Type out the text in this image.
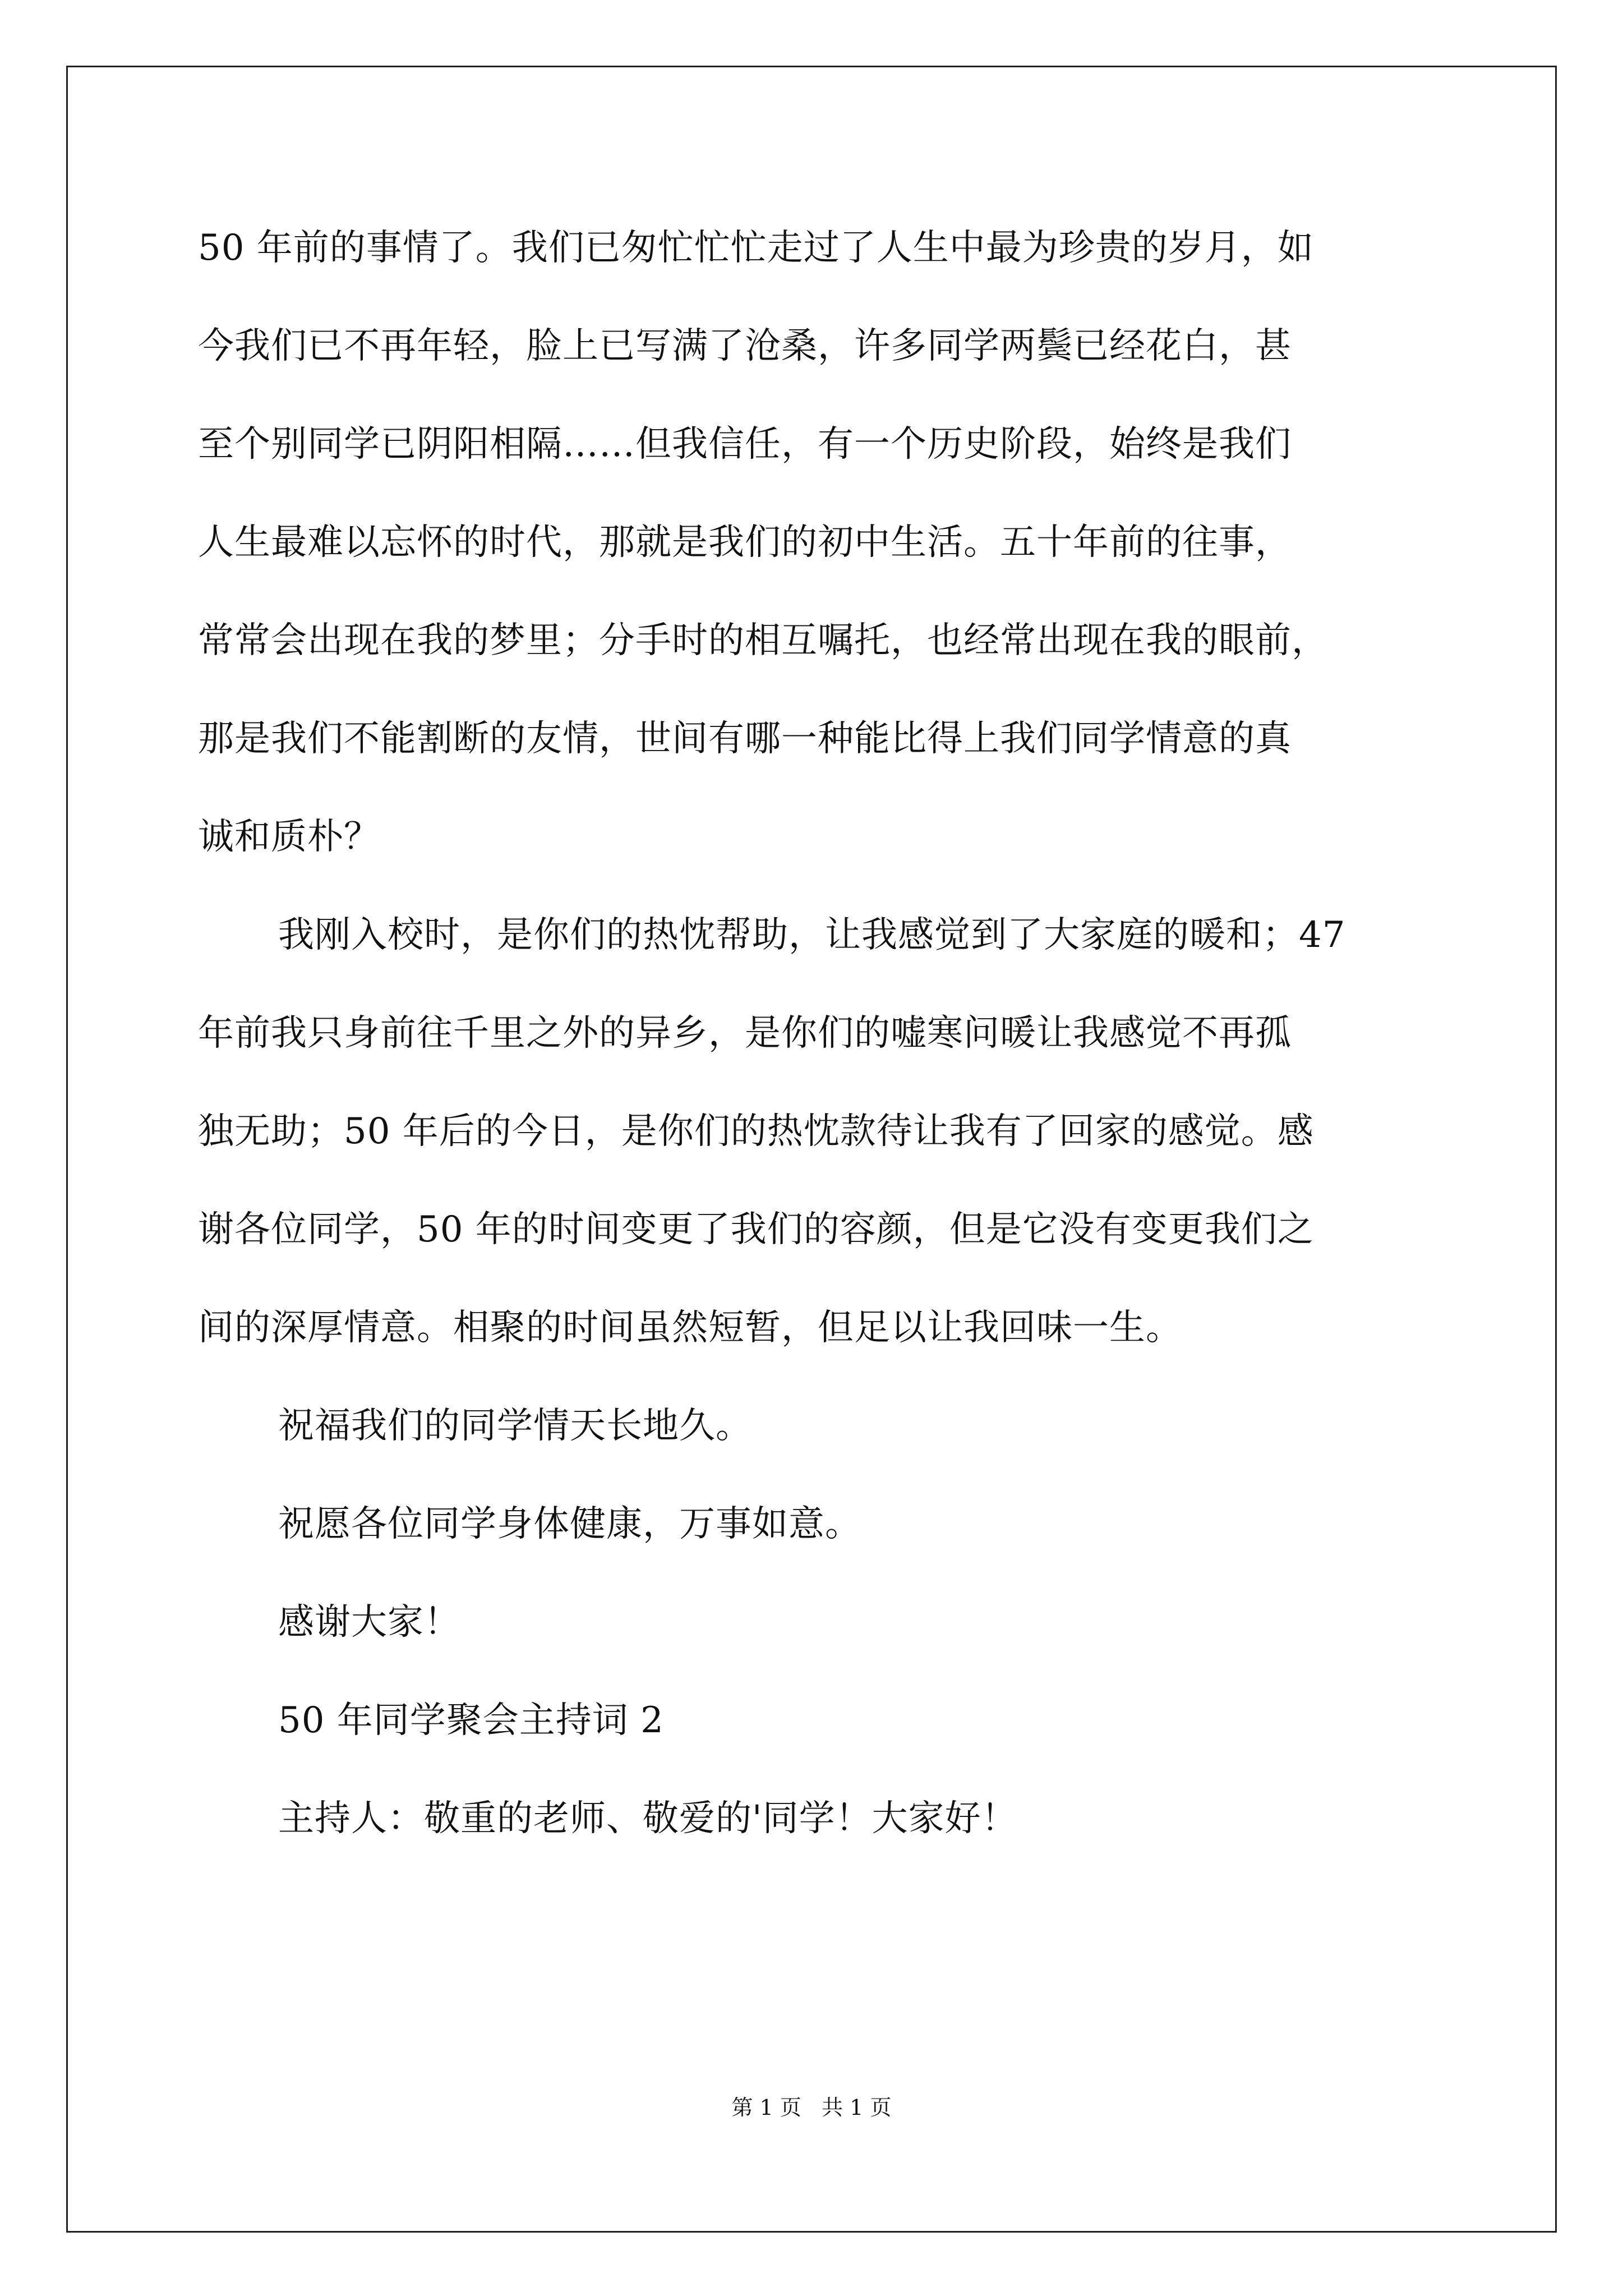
50 年前的事情了。我们已匆忙忙忙走过了人生中最为珍贵的岁月，如
今我们已不再年轻，脸上已写满了沧桑，许多同学两鬓已经花白，甚
至个别同学已阴阳相隔……但我信任，有一个历史阶段，始终是我们
人生最难以忘怀的时代，那就是我们的初中生活。五十年前的往事，
常常会出现在我的梦里；分手时的相互嘱托，也经常出现在我的眼前，
那是我们不能割断的友情，世间有哪一种能比得上我们同学情意的真
诚和质朴？
我刚入校时，是你们的热忱帮助，让我感觉到了大家庭的暖和；47
年前我只身前往千里之外的异乡，是你们的嘘寒问暖让我感觉不再孤
独无助；50 年后的今日，是你们的热忱款待让我有了回家的感觉。感
谢各位同学，50 年的时间变更了我们的容颜，但是它没有变更我们之
间的深厚情意。相聚的时间虽然短暂，但足以让我回味一生。
祝福我们的同学情天长地久。
祝愿各位同学身体健康，万事如意。
感谢大家！
50 年同学聚会主持词 2
主持人：敬重的老师、敬爱的'同学！大家好！
第 1 页   共 1 页
